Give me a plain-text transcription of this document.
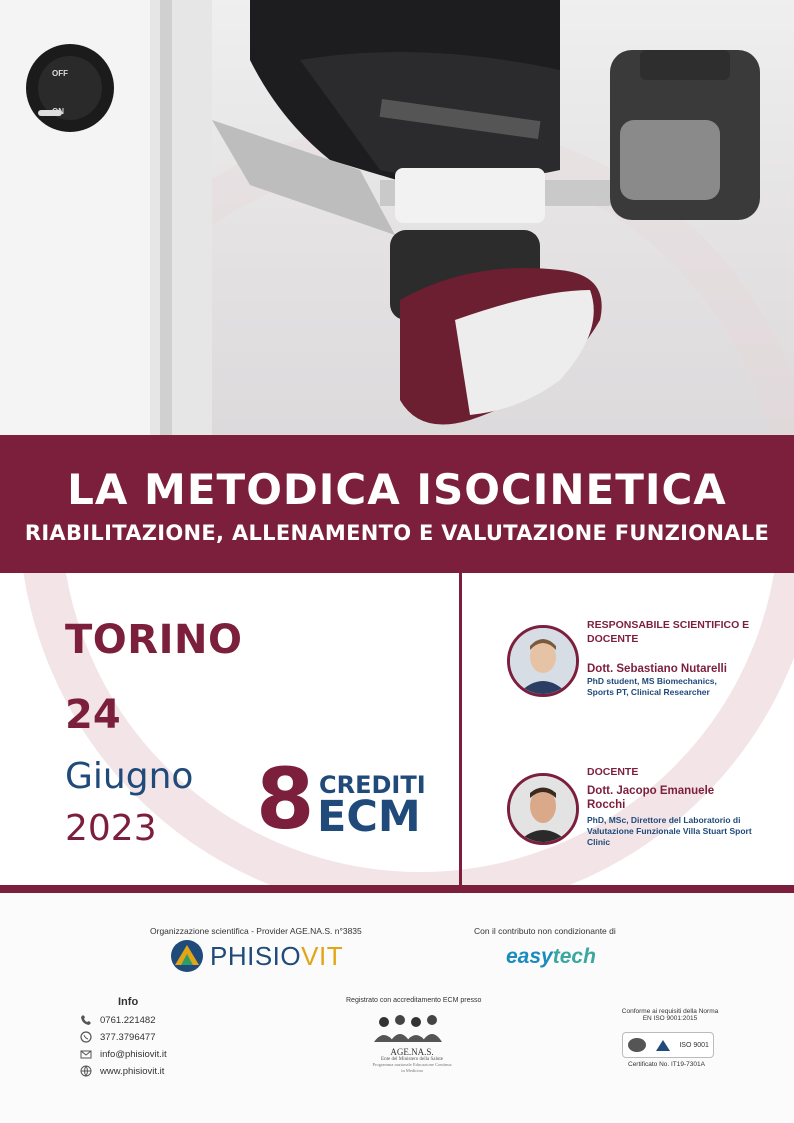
OFF
ON
LA METODICA ISOCINETICA
RIABILITAZIONE, ALLENAMENTO E VALUTAZIONE FUNZIONALE
TORINO
24
Giugno
2023 8 CREDITI
ECM
RESPONSABILE SCIENTIFICO E DOCENTE
Dott. Sebastiano Nutarelli
PhD student, MS Biomechanics, Sports PT, Clinical Researcher
DOCENTE
Dott. Jacopo Emanuele Rocchi
PhD, MSc, Direttore del Laboratorio di Valutazione Funzionale Villa Stuart Sport Clinic
Organizzazione scientifica - Provider AGE.NA.S. n°3835
PHISIOVIT
Con il contributo non condizionante di
easytech
Info
0761.221482
377.3796477
info@phisiovit.it
www.phisiovit.it
Registrato con accreditamento ECM presso
AGE.NA.S.
Ente del Ministero della Salute
Programma nazionale Educazione Continua in Medicina
Conforme ai requisiti della Norma
EN ISO 9001:2015
ISO 9001
Certificato No. IT19-7301A
